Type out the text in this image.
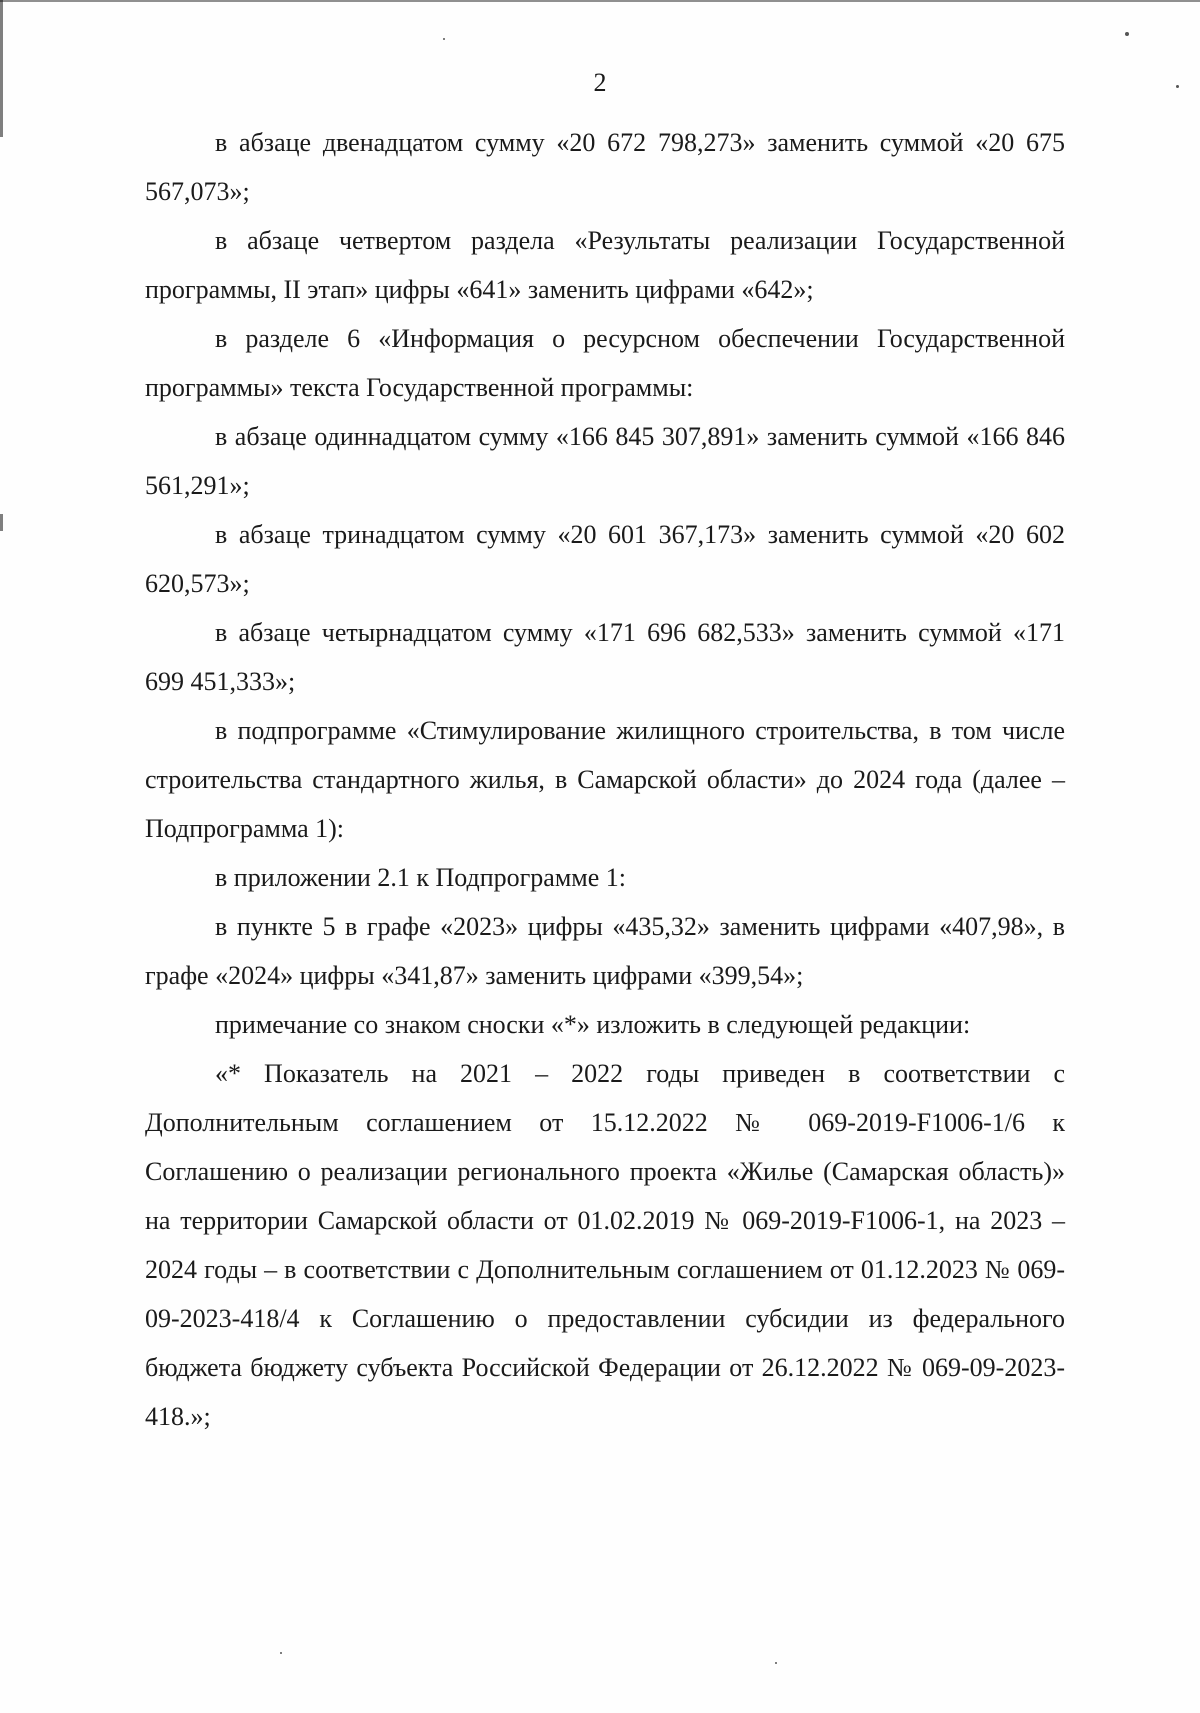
2

в абзаце двенадцатом сумму «20 672 798,273» заменить суммой «20 675 567,073»;

в абзаце четвертом раздела «Результаты реализации Государственной программы, II этап» цифры «641» заменить цифрами «642»;

в разделе 6 «Информация о ресурсном обеспечении Государственной программы» текста Государственной программы:

в абзаце одиннадцатом сумму «166 845 307,891» заменить суммой «166 846 561,291»;

в абзаце тринадцатом сумму «20 601 367,173» заменить суммой «20 602 620,573»;

в абзаце четырнадцатом сумму «171 696 682,533» заменить суммой «171 699 451,333»;

в подпрограмме «Стимулирование жилищного строительства, в том числе строительства стандартного жилья, в Самарской области» до 2024 года (далее – Подпрограмма 1):

в приложении 2.1 к Подпрограмме 1:

в пункте 5 в графе «2023» цифры «435,32» заменить цифрами «407,98», в графе «2024» цифры «341,87» заменить цифрами «399,54»;

примечание со знаком сноски «*» изложить в следующей редакции:

«* Показатель на 2021 – 2022 годы приведен в соответствии с Дополнительным соглашением от 15.12.2022 № 069-2019-F1006-1/6 к Соглашению о реализации регионального проекта «Жилье (Самарская область)» на территории Самарской области от 01.02.2019 № 069-2019-F1006-1, на 2023 – 2024 годы – в соответствии с Дополнительным соглашением от 01.12.2023 № 069-09-2023-418/4 к Соглашению о предоставлении субсидии из федерального бюджета бюджету субъекта Российской Федерации от 26.12.2022 № 069-09-2023-418.»;
